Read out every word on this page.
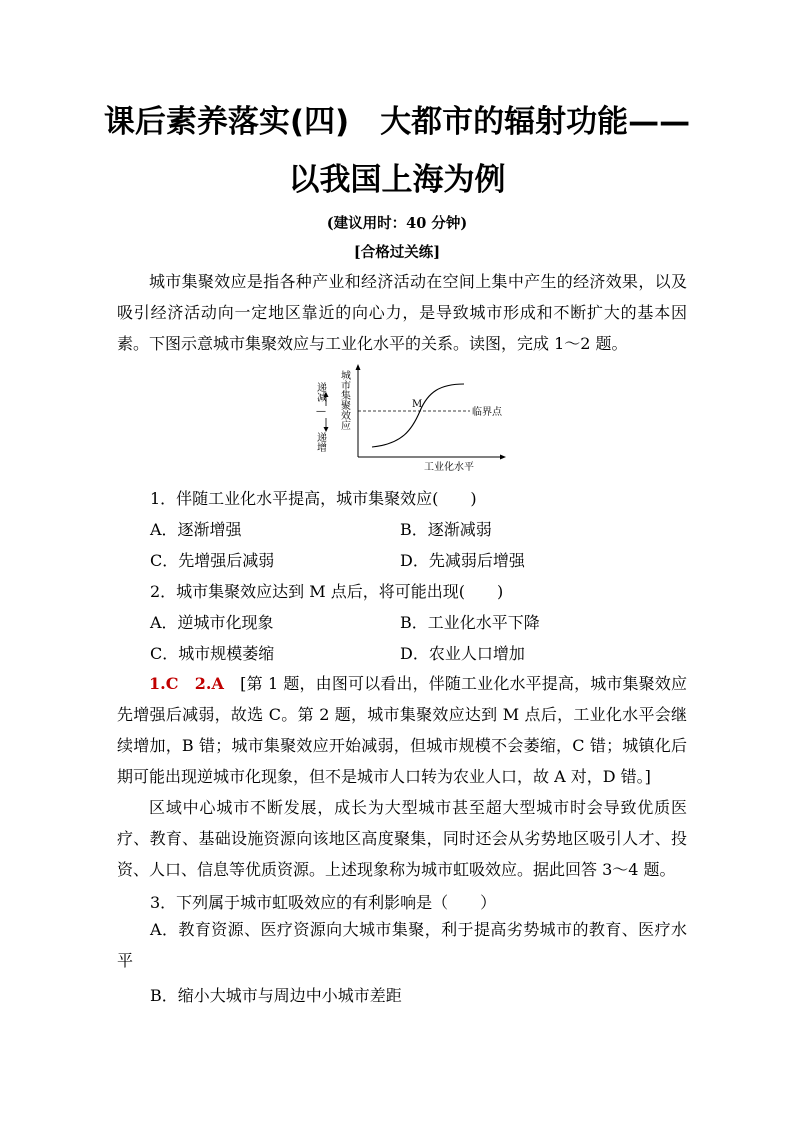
课后素养落实(四)　大都市的辐射功能——
以我国上海为例
(建议用时：40 分钟)
[合格过关练]
城市集聚效应是指各种产业和经济活动在空间上集中产生的经济效果，以及吸引经济活动向一定地区靠近的向心力，是导致城市形成和不断扩大的基本因素。下图示意城市集聚效应与工业化水平的关系。读图，完成 1～2 题。
递减
—
递增
城市集聚效应	M
临界点
工业化水平
1．伴随工业化水平提高，城市集聚效应(　　)
A．逐渐增强	B．逐渐减弱
C．先增强后减弱	D．先减弱后增强
2．城市集聚效应达到 M 点后，将可能出现(　　)
A．逆城市化现象	B．工业化水平下降
C．城市规模萎缩	D．农业人口增加
1.C　2.A　 [第 1 题，由图可以看出，伴随工业化水平提高，城市集聚效应先增强后减弱，故选 C。第 2 题，城市集聚效应达到 M 点后，工业化水平会继续增加，B 错；城市集聚效应开始减弱，但城市规模不会萎缩，C 错；城镇化后期可能出现逆城市化现象，但不是城市人口转为农业人口，故 A 对，D 错。]
区域中心城市不断发展，成长为大型城市甚至超大型城市时会导致优质医疗、教育、基础设施资源向该地区高度聚集，同时还会从劣势地区吸引人才、投资、人口、信息等优质资源。上述现象称为城市虹吸效应。据此回答 3～4 题。
3．下列属于城市虹吸效应的有利影响是（　　）
A．教育资源、医疗资源向大城市集聚，利于提高劣势城市的教育、医疗水平
B．缩小大城市与周边中小城市差距
